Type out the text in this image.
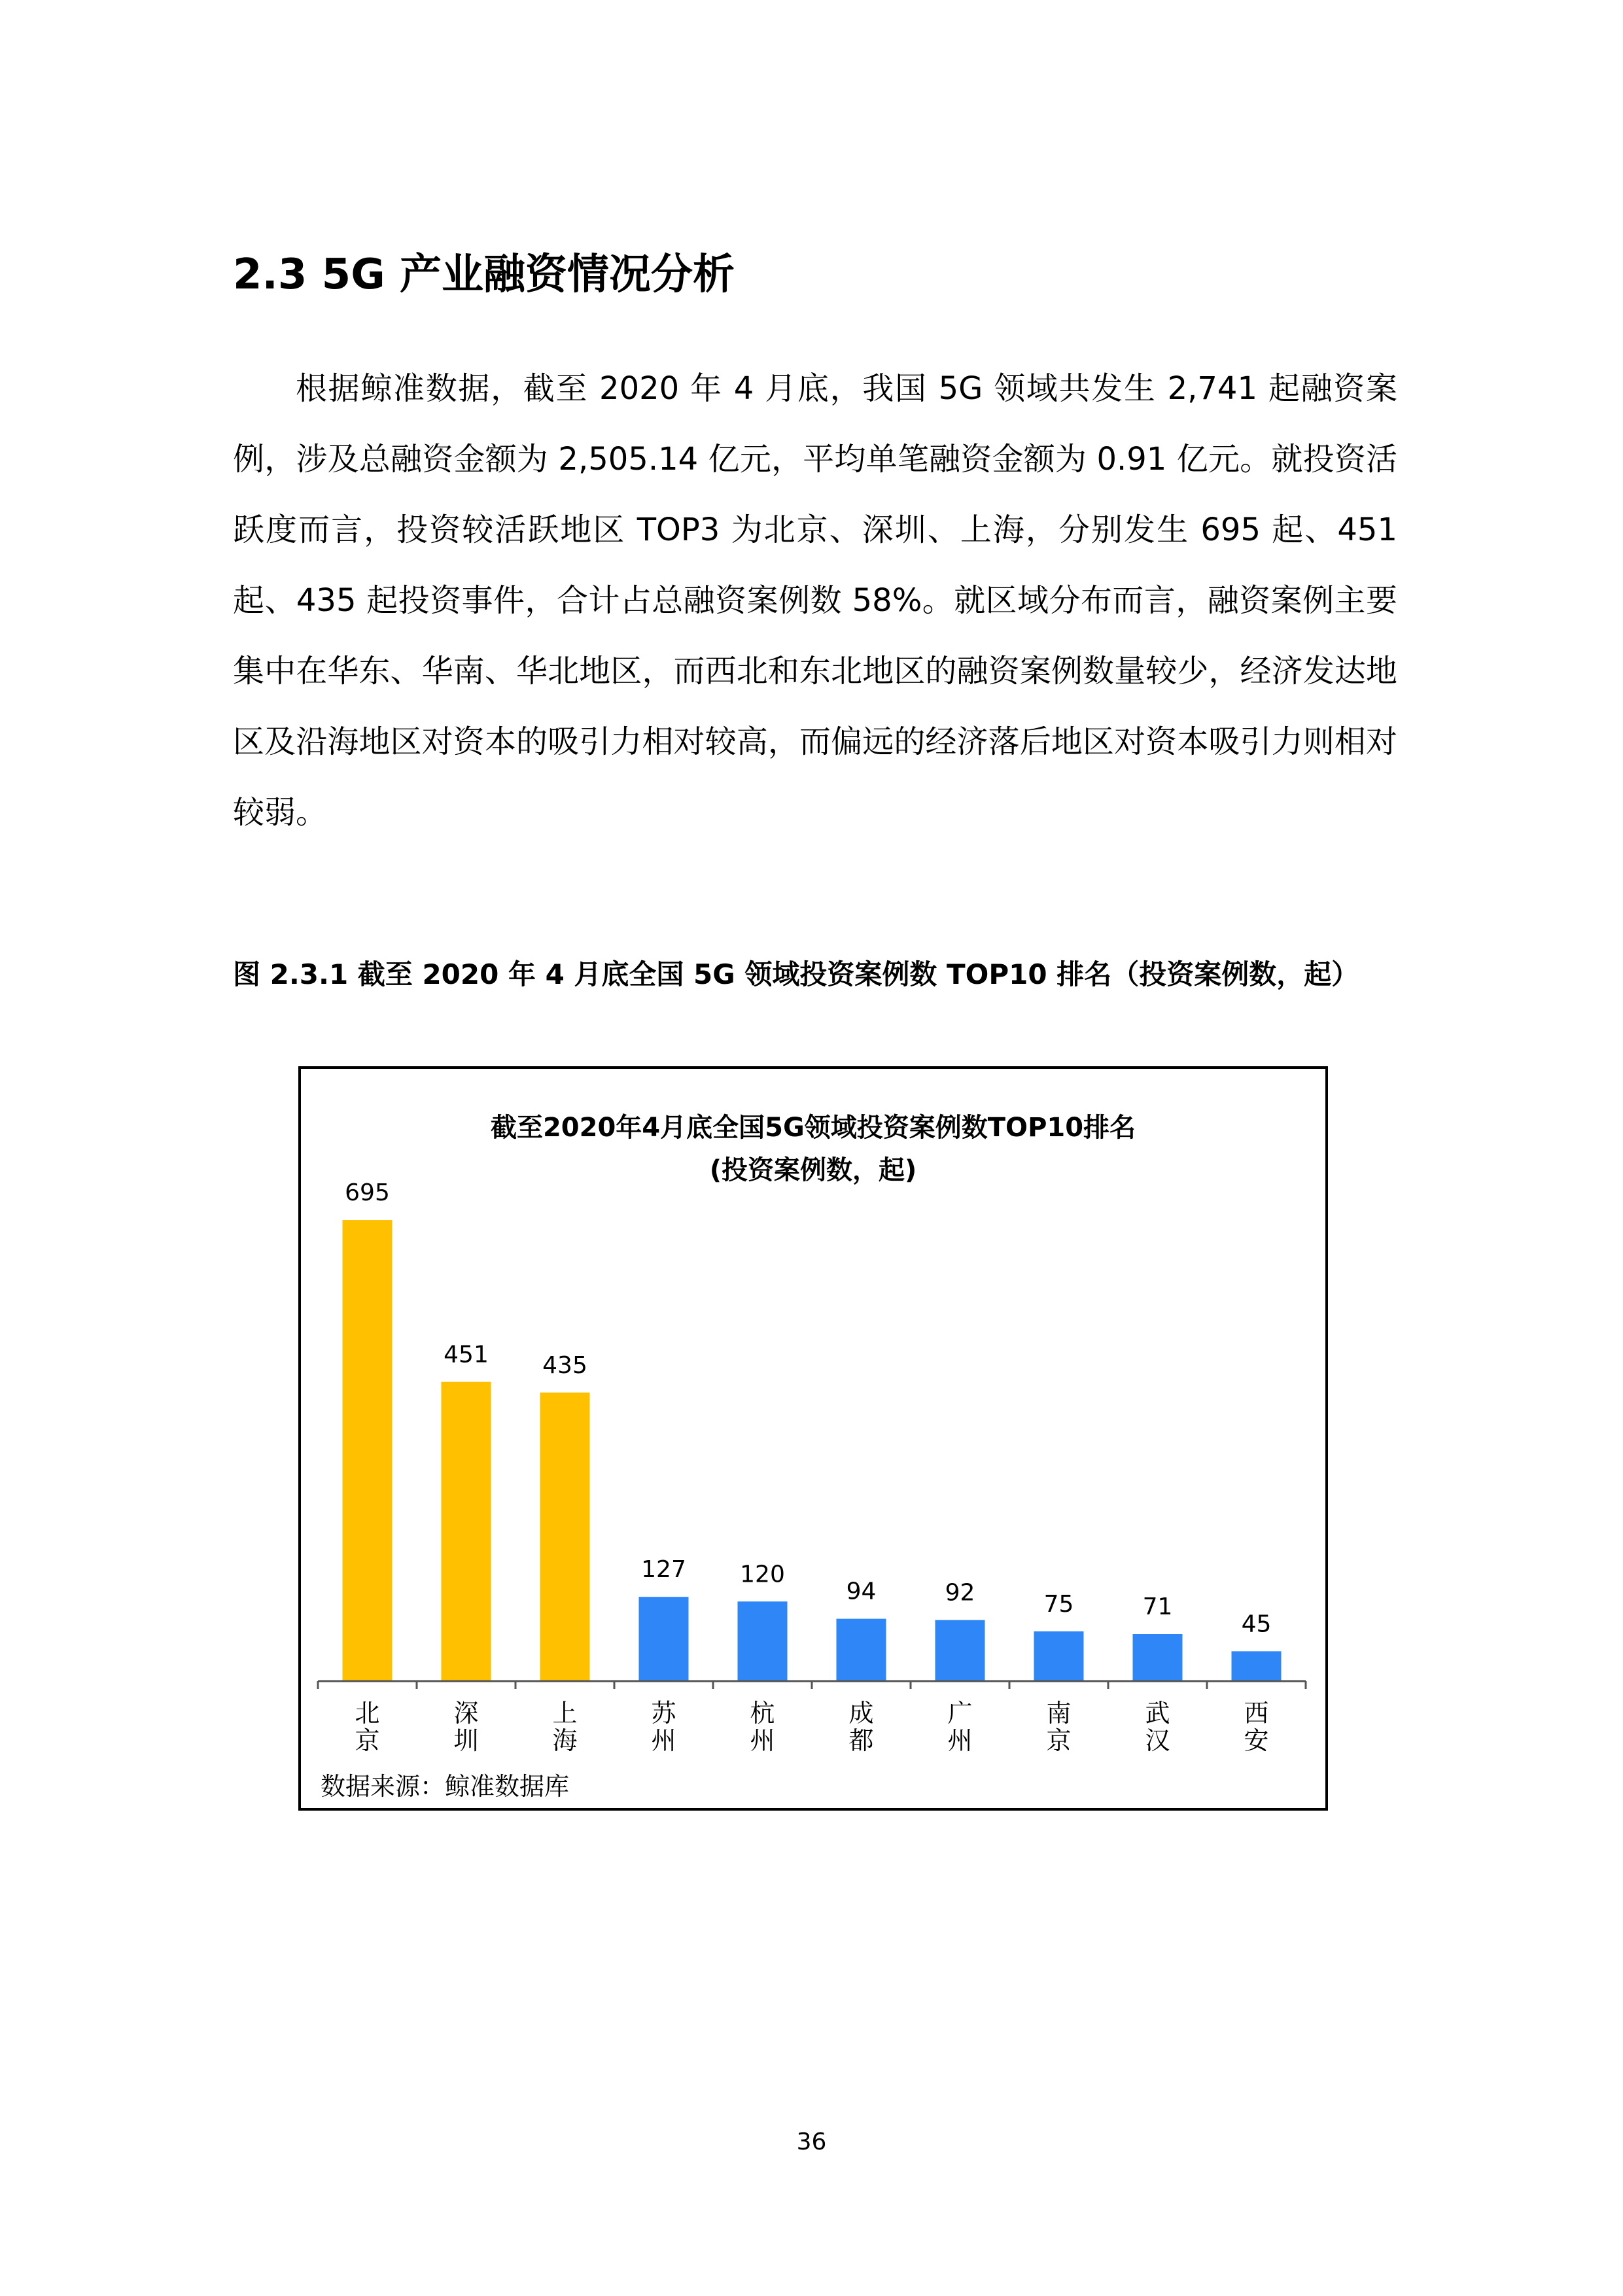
2.3 5G 产业融资情况分析

根据鲸准数据，截至 2020 年 4 月底，我国 5G 领域共发生 2,741 起融资案例，涉及总融资金额为 2,505.14 亿元，平均单笔融资金额为 0.91 亿元。就投资活跃度而言，投资较活跃地区 TOP3 为北京、深圳、上海，分别发生 695 起、451 起、435 起投资事件，合计占总融资案例数 58%。就区域分布而言，融资案例主要集中在华东、华南、华北地区，而西北和东北地区的融资案例数量较少，经济发达地区及沿海地区对资本的吸引力相对较高，而偏远的经济落后地区对资本吸引力则相对较弱。

图 2.3.1 截至 2020 年 4 月底全国 5G 领域投资案例数 TOP10 排名（投资案例数，起）

截至2020年4月底全国5G领域投资案例数TOP10排名

(投资案例数，起)

695
北京
451
深圳
435
上海
127
苏州
120
杭州
94
成都
92
广州
75
南京
71
武汉
45
西安

数据来源：鲸准数据库

36
